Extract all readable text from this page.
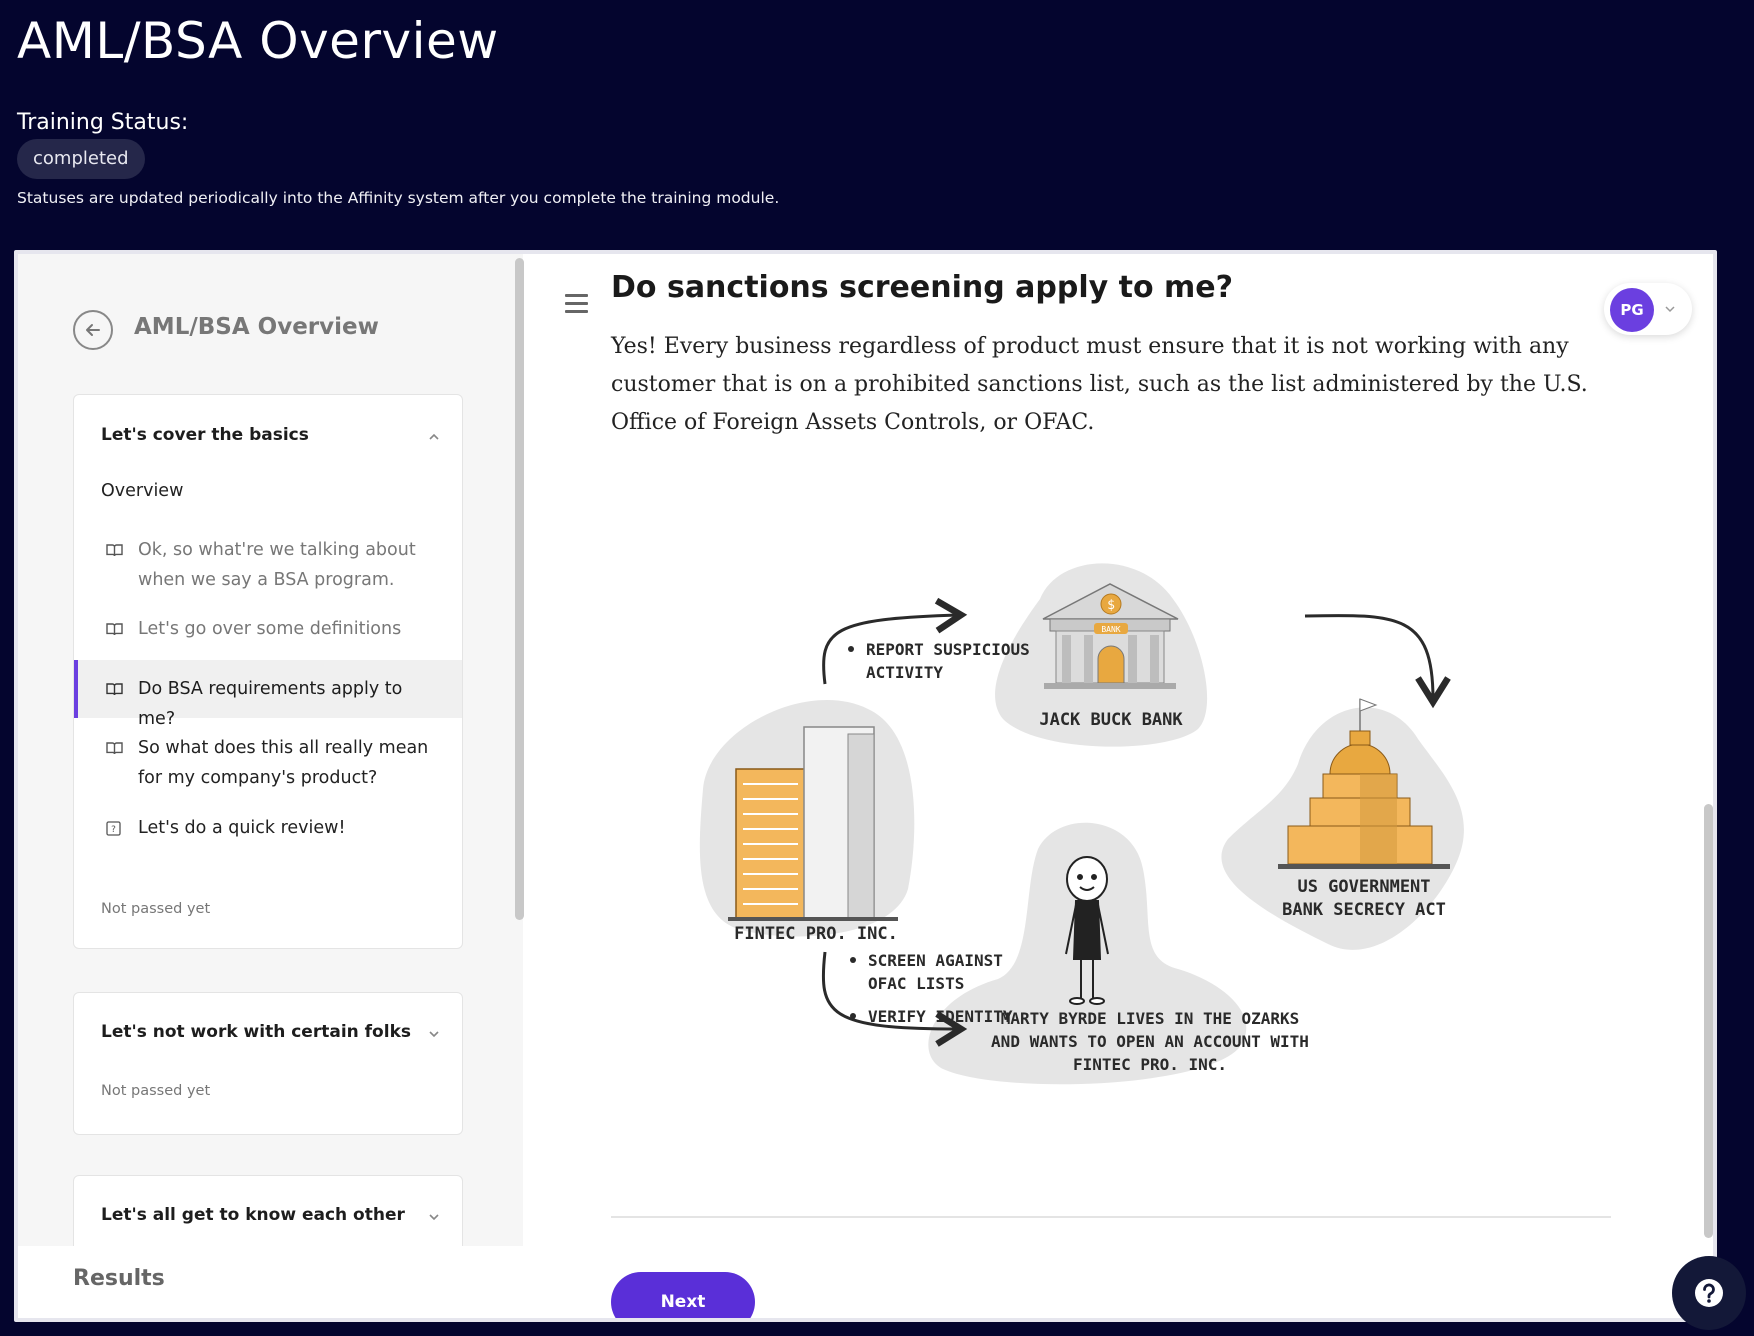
AML/BSA Overview
Training Status:
completed
Statuses are updated periodically into the Affinity system after you complete the training module.
AML/BSA Overview
Let's cover the basics
Overview
Ok, so what're we talking about when we say a BSA program.
Let's go over some definitions
Do BSA requirements apply to me?
So what does this all really mean for my company's product?
? Let's do a quick review!
Not passed yet
Let's not work with certain folks
Not passed yet
Let's all get to know each other
Results
Do sanctions screening apply to me?
Yes! Every business regardless of product must ensure that it is not working with any customer that is on a prohibited sanctions list, such as the list administered by the U.S. Office of Foreign Assets Controls, or OFAC.
PG
BANK
$
JACK BUCK BANK
FINTEC PRO. INC.
US GOVERNMENT
BANK SECRECY ACT
MARTY BYRDE LIVES IN THE OZARKS
AND WANTS TO OPEN AN ACCOUNT WITH
FINTEC PRO. INC.
REPORT SUSPICIOUS
ACTIVITY
SCREEN AGAINST
OFAC LISTS
VERIFY IDENTITY
Next
